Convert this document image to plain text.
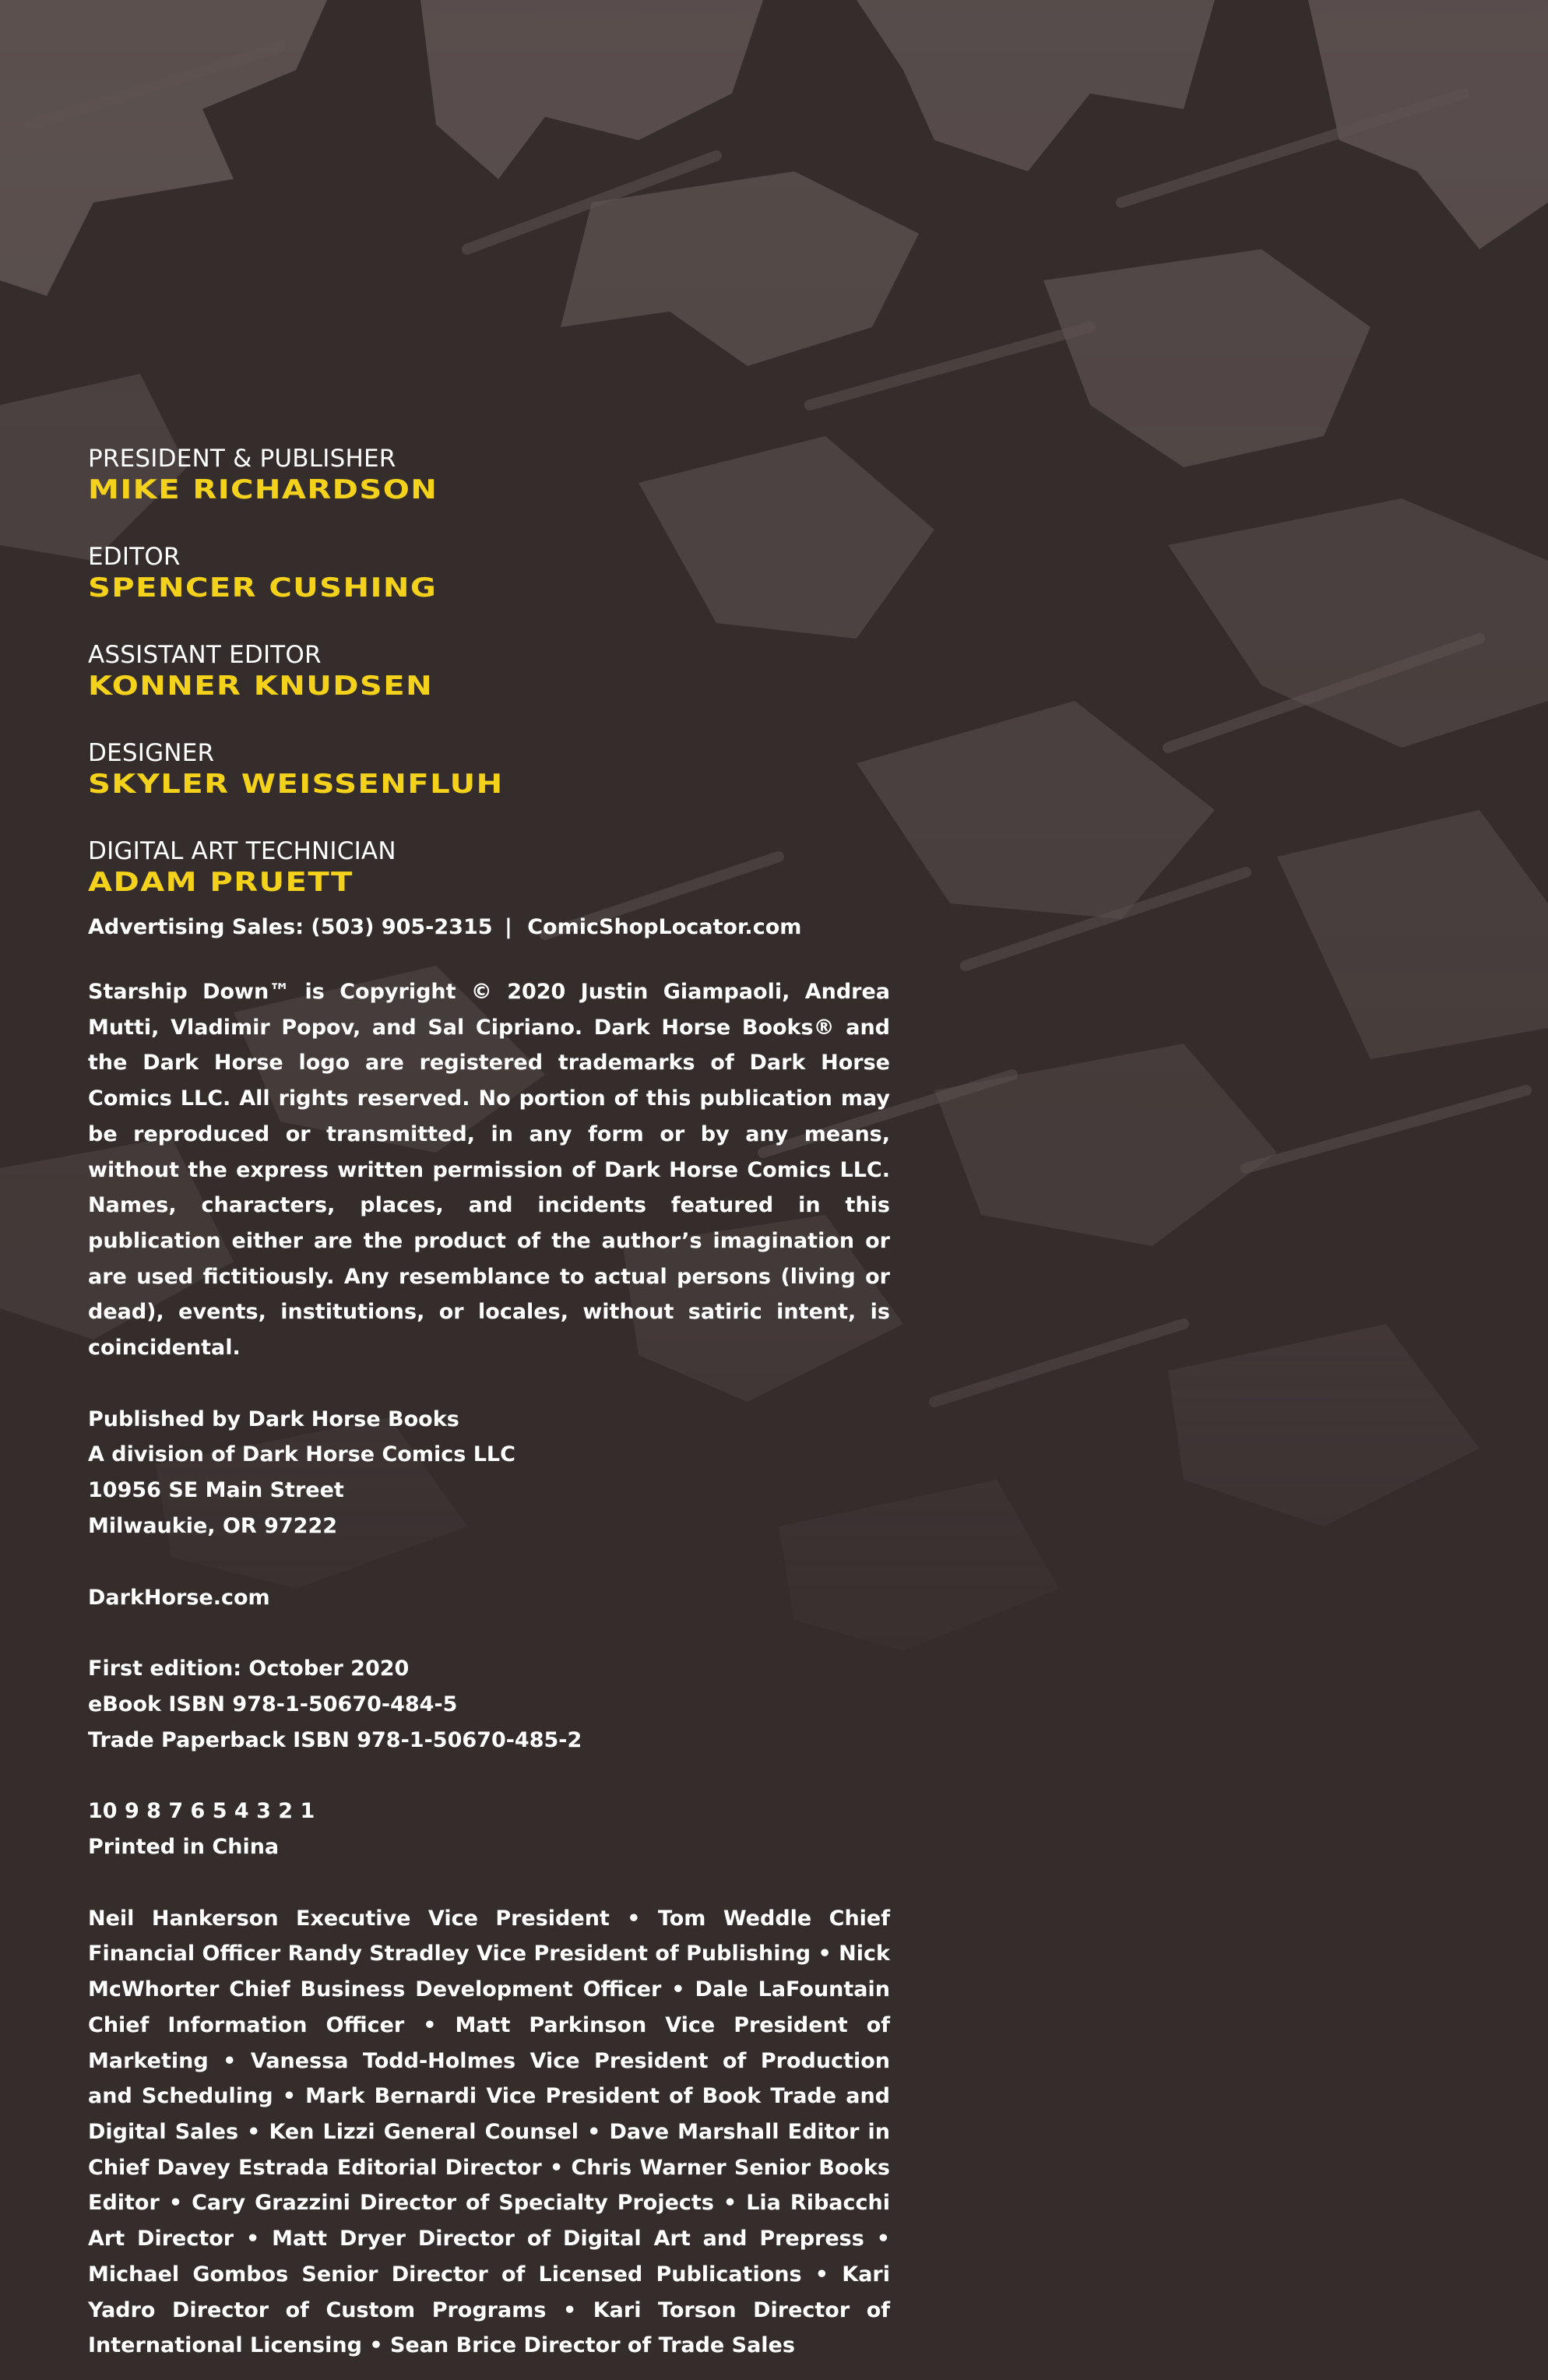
PRESIDENT & PUBLISHER
MIKE RICHARDSON
EDITOR
SPENCER CUSHING
ASSISTANT EDITOR
KONNER KNUDSEN
DESIGNER
SKYLER WEISSENFLUH
DIGITAL ART TECHNICIAN
ADAM PRUETT
Advertising Sales: (503) 905-2315 | ComicShopLocator.com

Starship Down™ is Copyright © 2020 Justin Giampaoli, Andrea Mutti, Vladimir Popov, and Sal Cipriano. Dark Horse Books® and the Dark Horse logo are registered trademarks of Dark Horse Comics LLC. All rights reserved. No portion of this publication may be reproduced or transmitted, in any form or by any means, without the express written permission of Dark Horse Comics LLC. Names, characters, places, and incidents featured in this publication either are the product of the author’s imagination or are used fictitiously. Any resemblance to actual persons (living or dead), events, institutions, or locales, without satiric intent, is coincidental.

Published by Dark Horse Books
A division of Dark Horse Comics LLC
10956 SE Main Street
Milwaukie, OR 97222
DarkHorse.com
First edition: October 2020
eBook ISBN 978-1-50670-484-5
Trade Paperback ISBN 978-1-50670-485-2
10 9 8 7 6 5 4 3 2 1
Printed in China

Neil Hankerson Executive Vice President • Tom Weddle Chief Financial Officer Randy Stradley Vice President of Publishing • Nick McWhorter Chief Business Development Officer • Dale LaFountain Chief Information Officer • Matt Parkinson Vice President of Marketing • Vanessa Todd-Holmes Vice President of Production and Scheduling • Mark Bernardi Vice President of Book Trade and Digital Sales • Ken Lizzi General Counsel • Dave Marshall Editor in Chief Davey Estrada Editorial Director • Chris Warner Senior Books Editor • Cary Grazzini Director of Specialty Projects • Lia Ribacchi Art Director • Matt Dryer Director of Digital Art and Prepress • Michael Gombos Senior Director of Licensed Publications • Kari Yadro Director of Custom Programs • Kari Torson Director of International Licensing • Sean Brice Director of Trade Sales
